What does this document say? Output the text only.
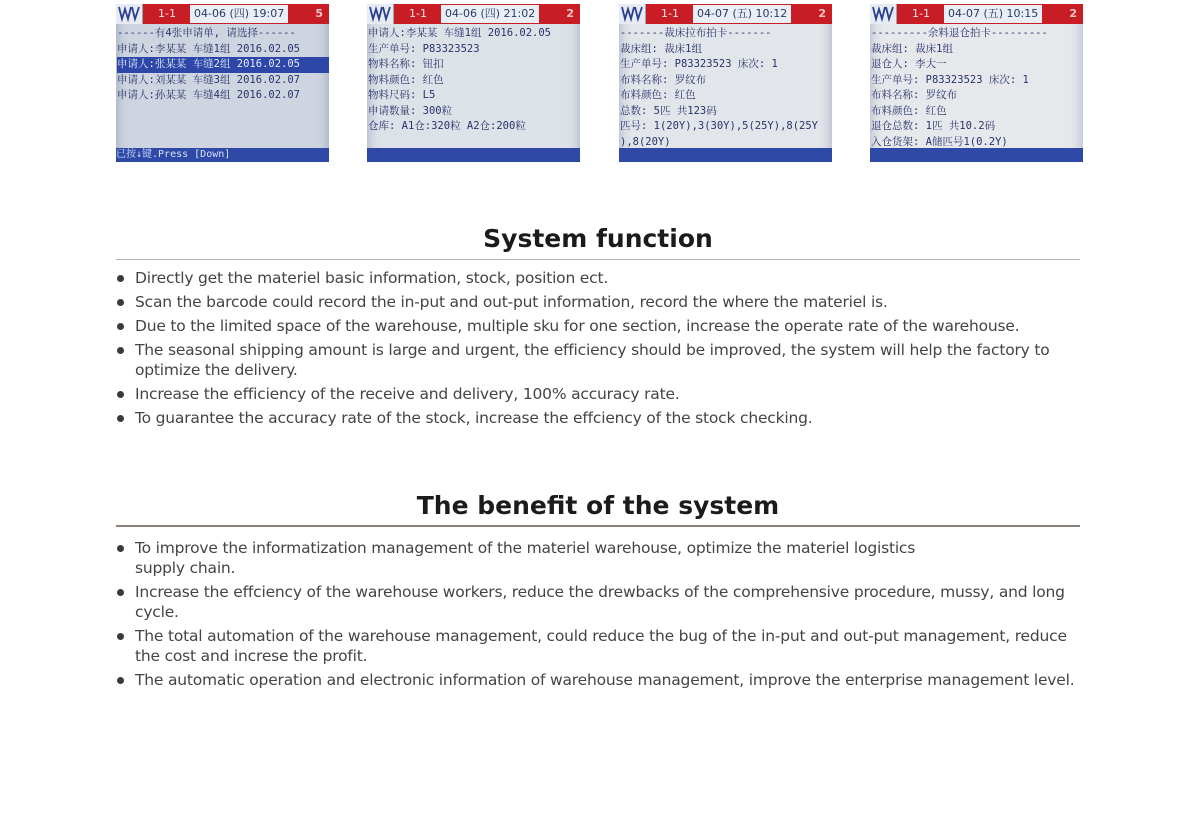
1-1	04-06 (四) 19:07	5
------有4张申请单, 请选择------
申请人:李某某 车缝1组 2016.02.05
申请人:张某某 车缝2组 2016.02.05
申请人:刘某某 车缝3组 2016.02.07
申请人:孙某某 车缝4组 2016.02.07
已按↓键.Press [Down]
1-1	04-06 (四) 21:02	2
申请人:李某某 车缝1组 2016.02.05
生产单号: P83323523
物料名称: 钮扣
物料颜色: 红色
物料尺码: L5
申请数量: 300粒
仓库: A1仓:320粒 A2仓:200粒
1-1	04-07 (五) 10:12	2
-------裁床拉布拍卡-------
裁床组: 裁床1组
生产单号: P83323523 床次: 1
布料名称: 罗纹布
布料颜色: 红色
总数: 5匹 共123码
匹号: 1(20Y),3(30Y),5(25Y),8(25Y
),8(20Y)
1-1	04-07 (五) 10:15	2
---------余料退仓拍卡---------
裁床组: 裁床1组
退仓人: 李大一
生产单号: P83323523 床次: 1
布料名称: 罗纹布
布料颜色: 红色
退仓总数: 1匹 共10.2码
入仓货架: A储匹号1(0.2Y)
System function
Directly get the materiel basic information, stock, position ect.
Scan the barcode could record the in-put and out-put information, record the where the materiel is.
Due to the limited space of the warehouse, multiple sku for one section, increase the operate rate of the warehouse.
The seasonal shipping amount is large and urgent, the efficiency should be improved, the system will help the factory to optimize the delivery.
Increase the efficiency of the receive and delivery, 100% accuracy rate.
To guarantee the accuracy rate of the stock, increase the effciency of the stock checking.
The benefit of the system
To improve the informatization management of the materiel warehouse, optimize the materiel logistics supply chain.
Increase the effciency of the warehouse workers, reduce the drewbacks of the comprehensive procedure, mussy, and long cycle.
The total automation of the warehouse management, could reduce the bug of the in-put and out-put management, reduce the cost and increse the profit.
The automatic operation and electronic information of warehouse management, improve the enterprise management level.
